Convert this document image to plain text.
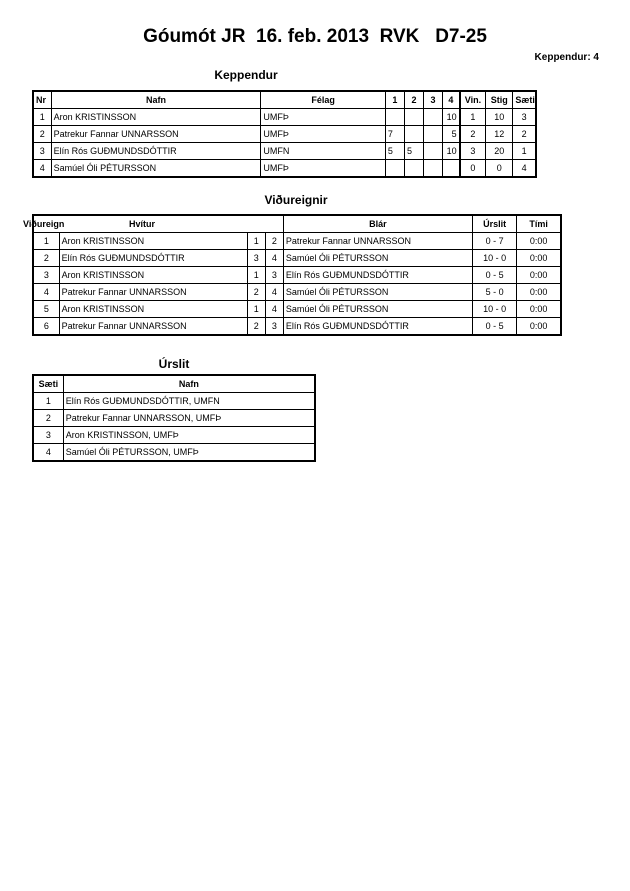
Góumót JR  16. feb. 2013  RVK   D7-25
Keppendur: 4
Keppendur
Nr	Nafn	Félag	1	2	3	4	Vin.	Stig	Sæti
1	Aron KRISTINSSON	UMFÞ				10	1	10	3
2	Patrekur Fannar UNNARSSON	UMFÞ	7			5	2	12	2
3	Elín Rós GUÐMUNDSDÓTTIR	UMFN	5	5		10	3	20	1
4	Samúel Óli PÉTURSSON	UMFÞ					0	0	4
Viðureignir
Viðureign	Hvítur			Blár	Úrslit	Tími
1	Aron KRISTINSSON	1	2	Patrekur Fannar UNNARSSON	0 - 7	0:00
2	Elín Rós GUÐMUNDSDÓTTIR	3	4	Samúel Óli PÉTURSSON	10 - 0	0:00
3	Aron KRISTINSSON	1	3	Elín Rós GUÐMUNDSDÓTTIR	0 - 5	0:00
4	Patrekur Fannar UNNARSSON	2	4	Samúel Óli PÉTURSSON	5 - 0	0:00
5	Aron KRISTINSSON	1	4	Samúel Óli PÉTURSSON	10 - 0	0:00
6	Patrekur Fannar UNNARSSON	2	3	Elín Rós GUÐMUNDSDÓTTIR	0 - 5	0:00
Úrslit
Sæti	Nafn
1	Elín Rós GUÐMUNDSDÓTTIR, UMFN
2	Patrekur Fannar UNNARSSON, UMFÞ
3	Aron KRISTINSSON, UMFÞ
4	Samúel Óli PÉTURSSON, UMFÞ
